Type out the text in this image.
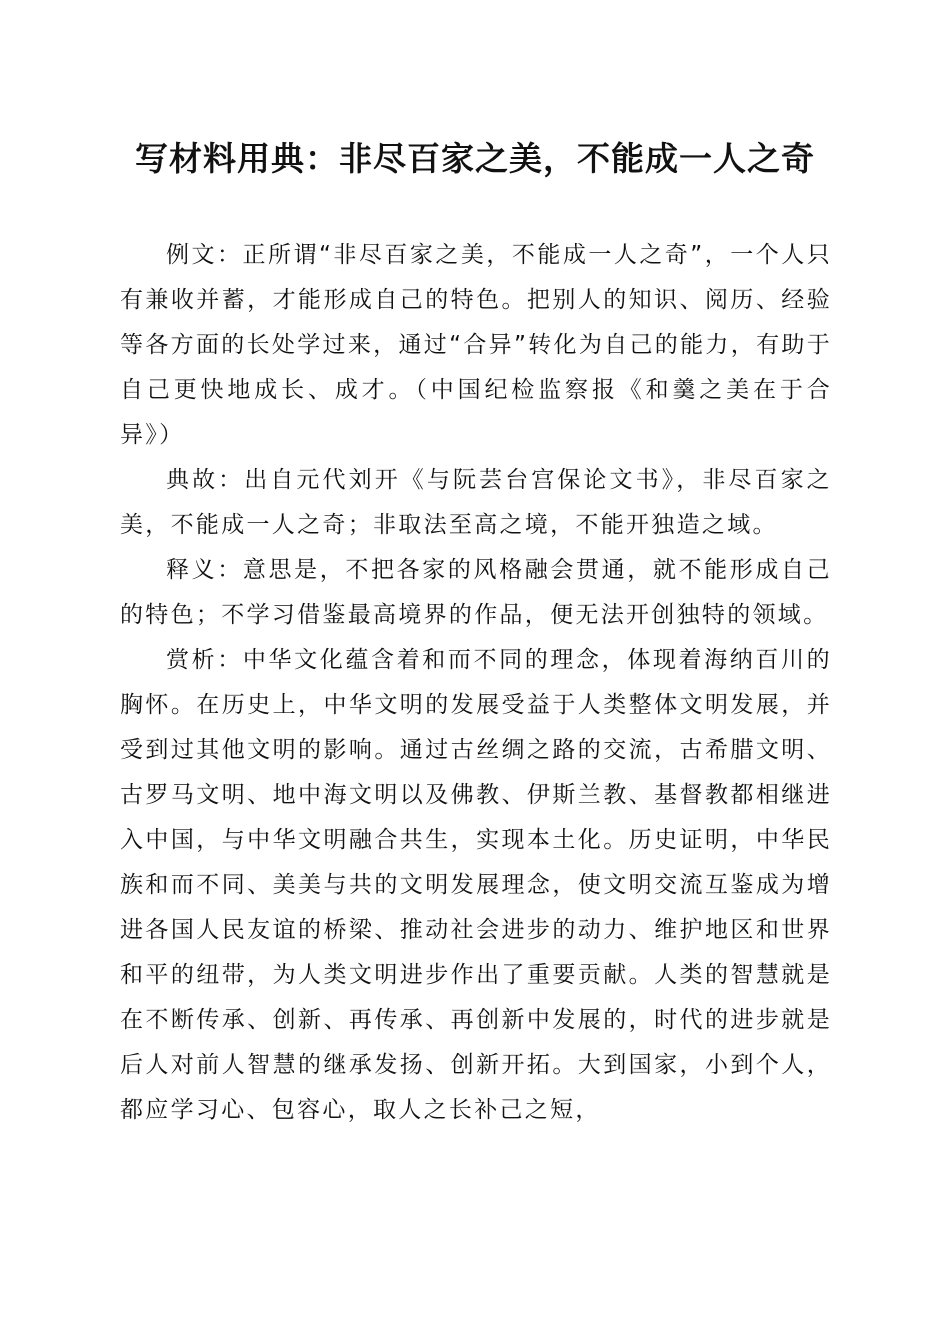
写材料用典：非尽百家之美，不能成一人之奇

例文：正所谓“非尽百家之美，不能成一人之奇”，一个人只有兼收并蓄，才能形成自己的特色。把别人的知识、阅历、经验等各方面的长处学过来，通过“合异”转化为自己的能力，有助于自己更快地成长、成才。（中国纪检监察报《和羹之美在于合异》）

典故：出自元代刘开《与阮芸台宫保论文书》，非尽百家之美，不能成一人之奇；非取法至高之境，不能开独造之域。

释义：意思是，不把各家的风格融会贯通，就不能形成自己的特色；不学习借鉴最高境界的作品，便无法开创独特的领域。

赏析：中华文化蕴含着和而不同的理念，体现着海纳百川的胸怀。在历史上，中华文明的发展受益于人类整体文明发展，并受到过其他文明的影响。通过古丝绸之路的交流，古希腊文明、古罗马文明、地中海文明以及佛教、伊斯兰教、基督教都相继进入中国，与中华文明融合共生，实现本土化。历史证明，中华民族和而不同、美美与共的文明发展理念，使文明交流互鉴成为增进各国人民友谊的桥梁、推动社会进步的动力、维护地区和世界和平的纽带，为人类文明进步作出了重要贡献。人类的智慧就是在不断传承、创新、再传承、再创新中发展的，时代的进步就是后人对前人智慧的继承发扬、创新开拓。大到国家，小到个人，都应学习心、包容心，取人之长补己之短，
